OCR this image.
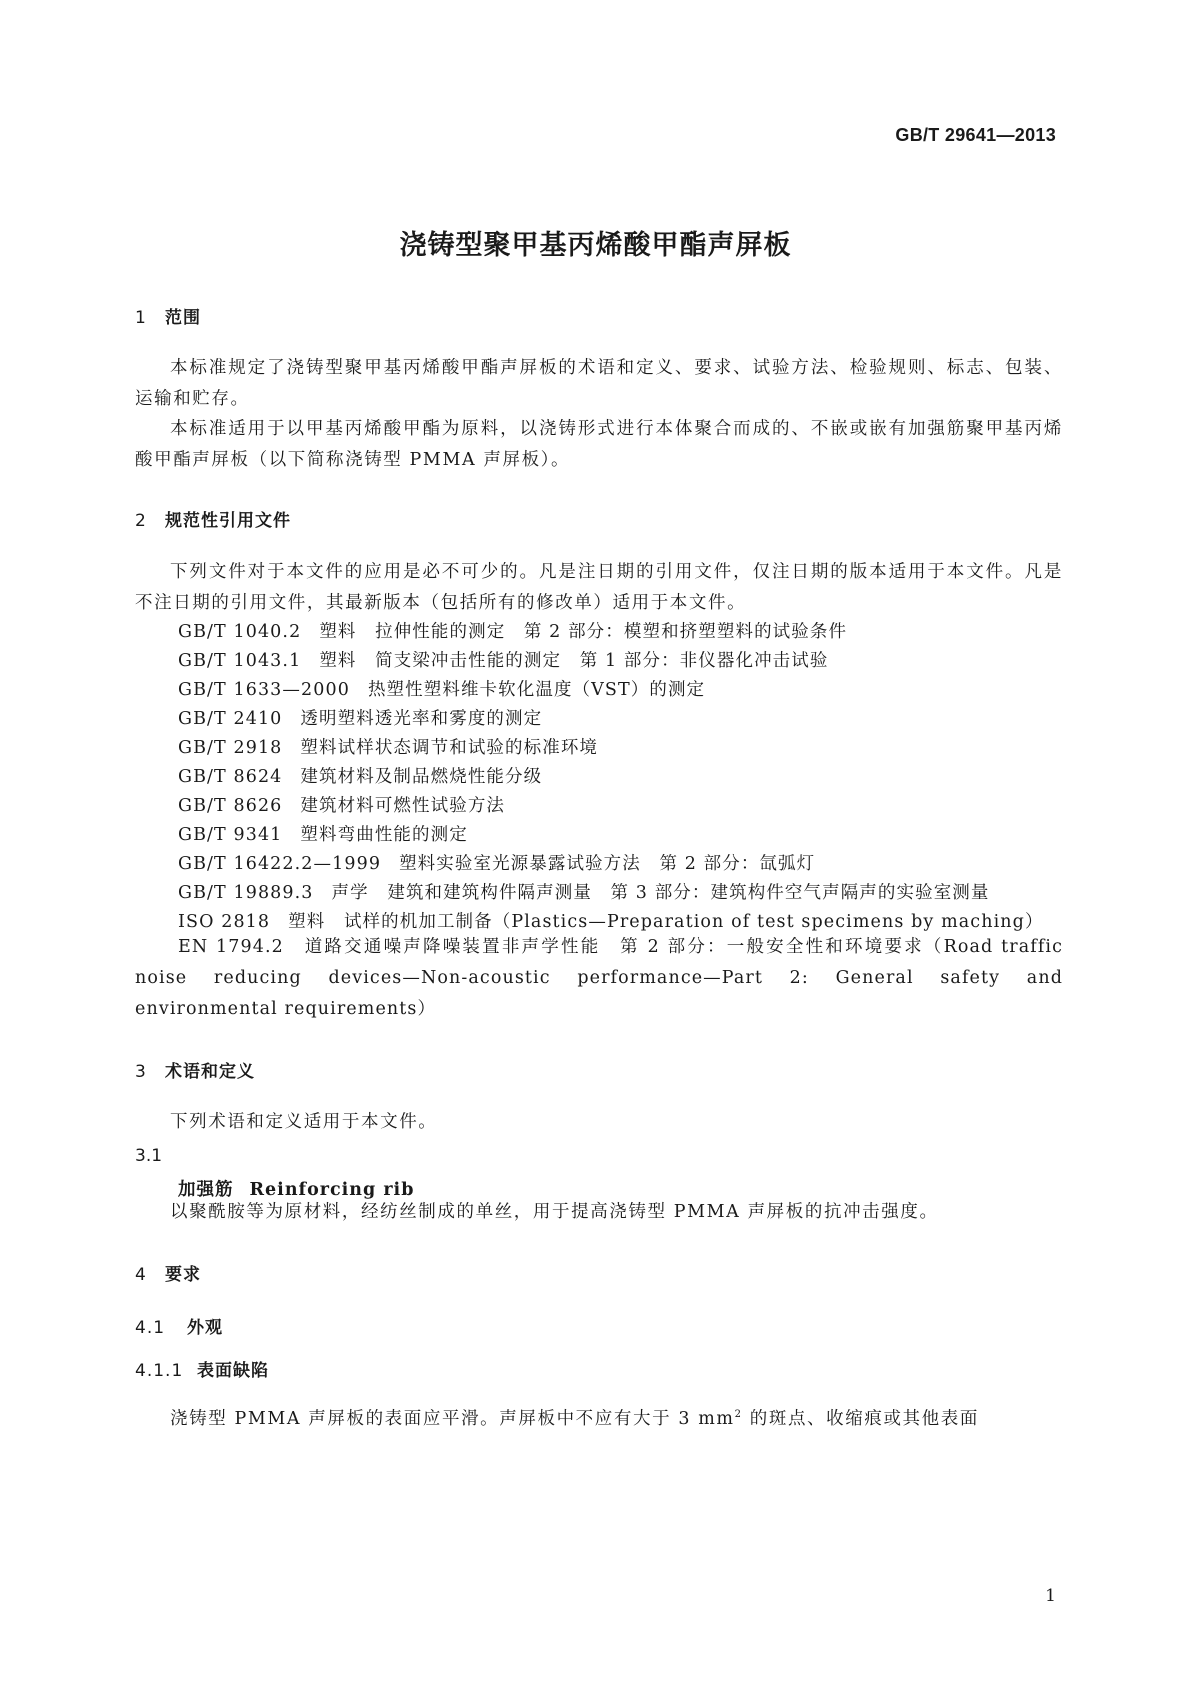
GB/T 29641—2013
浇铸型聚甲基丙烯酸甲酯声屏板
1 范围
本标准规定了浇铸型聚甲基丙烯酸甲酯声屏板的术语和定义、要求、试验方法、检验规则、标志、包装、运输和贮存。
本标准适用于以甲基丙烯酸甲酯为原料，以浇铸形式进行本体聚合而成的、不嵌或嵌有加强筋聚甲基丙烯酸甲酯声屏板（以下简称浇铸型 PMMA 声屏板）。
2 规范性引用文件
下列文件对于本文件的应用是必不可少的。凡是注日期的引用文件，仅注日期的版本适用于本文件。凡是不注日期的引用文件，其最新版本（包括所有的修改单）适用于本文件。
GB/T 1040.2 塑料　拉伸性能的测定　第 2 部分：模塑和挤塑塑料的试验条件
GB/T 1043.1 塑料　简支梁冲击性能的测定　第 1 部分：非仪器化冲击试验
GB/T 1633—2000 热塑性塑料维卡软化温度（VST）的测定
GB/T 2410 透明塑料透光率和雾度的测定
GB/T 2918 塑料试样状态调节和试验的标准环境
GB/T 8624 建筑材料及制品燃烧性能分级
GB/T 8626 建筑材料可燃性试验方法
GB/T 9341 塑料弯曲性能的测定
GB/T 16422.2—1999 塑料实验室光源暴露试验方法　第 2 部分：氙弧灯
GB/T 19889.3 声学　建筑和建筑构件隔声测量　第 3 部分：建筑构件空气声隔声的实验室测量
ISO 2818 塑料　试样的机加工制备（Plastics—Preparation of test specimens by maching）
EN 1794.2　道路交通噪声降噪装置非声学性能　第 2 部分：一般安全性和环境要求（Road traffic noise reducing devices—Non-acoustic performance—Part 2: General safety and environmental requirements）
3 术语和定义
下列术语和定义适用于本文件。
3.1
加强筋 Reinforcing rib
以聚酰胺等为原材料，经纺丝制成的单丝，用于提高浇铸型 PMMA 声屏板的抗冲击强度。
4 要求
4.1 外观
4.1.1 表面缺陷
浇铸型 PMMA 声屏板的表面应平滑。声屏板中不应有大于 3 $mm^2$ 的斑点、收缩痕或其他表面
1
